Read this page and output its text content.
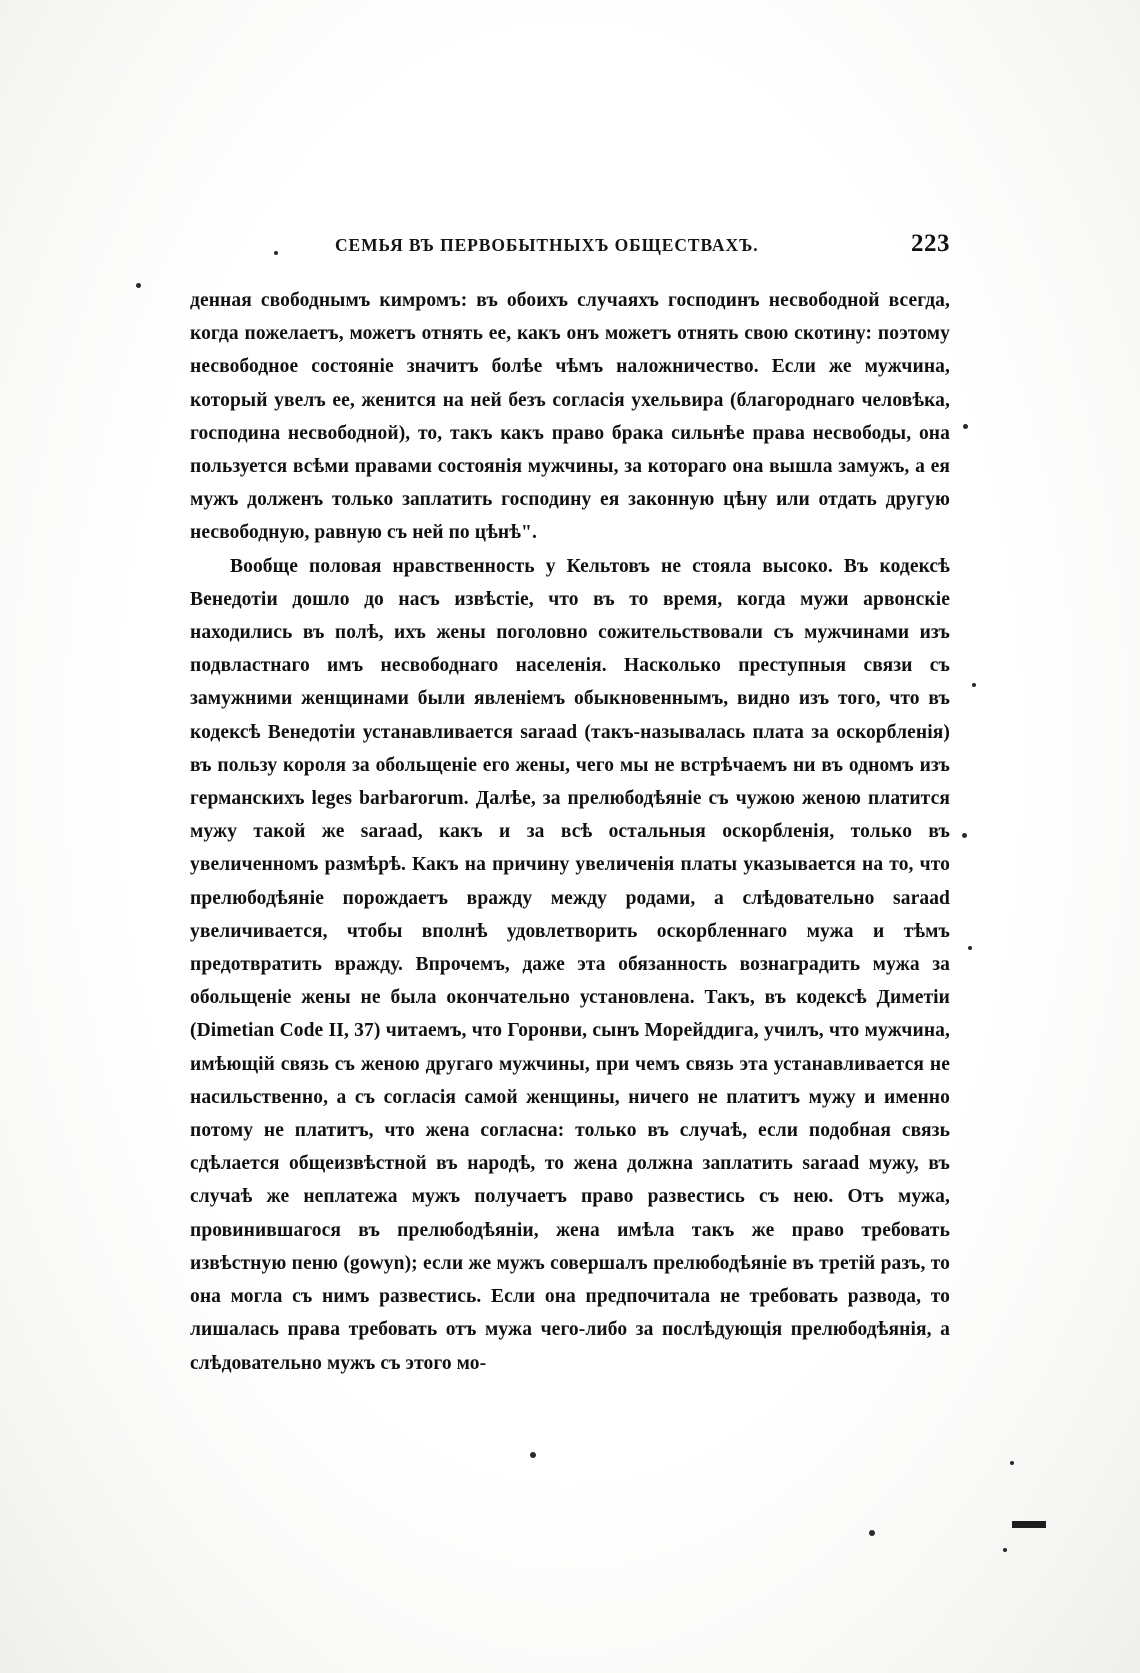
СЕМЬЯ ВЪ ПЕРВОБЫТНЫХЪ ОБЩЕСТВАХЪ.	223

денная свободнымъ кимромъ: въ обоихъ случаяхъ господинъ несвободной всегда, когда пожелаетъ, можетъ отнять ее, какъ онъ можетъ отнять свою скотину: поэтому несвободное состояніе значитъ болѣе чѣмъ наложничество. Если же мужчина, который увелъ ее, женится на ней безъ согласія ухельвира (благороднаго человѣка, господина несвободной), то, такъ какъ право брака сильнѣе права несвободы, она пользуется всѣми правами состоянія мужчины, за котораго она вышла замужъ, а ея мужъ долженъ только заплатить господину ея законную цѣну или отдать другую несвободную, равную съ ней по цѣнѣ".

Вообще половая нравственность у Кельтовъ не стояла высоко. Въ кодексѣ Венедотіи дошло до насъ извѣстіе, что въ то время, когда мужи арвонскіе находились въ полѣ, ихъ жены поголовно сожительствовали съ мужчинами изъ подвластнаго имъ несвободнаго населенія. Насколько преступныя связи съ замужними женщинами были явленіемъ обыкновеннымъ, видно изъ того, что въ кодексѣ Венедотіи устанавливается saraad (такъ-называлась плата за оскорбленія) въ пользу короля за обольщеніе его жены, чего мы не встрѣчаемъ ни въ одномъ изъ германскихъ leges barbarorum. Далѣе, за прелюбодѣяніе съ чужою женою платится мужу такой же saraad, какъ и за всѣ остальныя оскорбленія, только въ увеличенномъ размѣрѣ. Какъ на причину увеличенія платы указывается на то, что прелюбодѣяніе порождаетъ вражду между родами, а слѣдовательно saraad увеличивается, чтобы вполнѣ удовлетворить оскорбленнаго мужа и тѣмъ предотвратить вражду. Впрочемъ, даже эта обязанность вознаградить мужа за обольщеніе жены не была окончательно установлена. Такъ, въ кодексѣ Диметіи (Dimetian Code II, 37) читаемъ, что Горонви, сынъ Морейддига, училъ, что мужчина, имѣющій связь съ женою другаго мужчины, при чемъ связь эта устанавливается не насильственно, а съ согласія самой женщины, ничего не платитъ мужу и именно потому не платитъ, что жена согласна: только въ случаѣ, если подобная связь сдѣлается общеизвѣстной въ народѣ, то жена должна заплатить saraad мужу, въ случаѣ же неплатежа мужъ получаетъ право развестись съ нею. Отъ мужа, провинившагося въ прелюбодѣяніи, жена имѣла такъ же право требовать извѣстную пеню (gowyn); если же мужъ совершалъ прелюбодѣяніе въ третій разъ, то она могла съ нимъ развестись. Если она предпочитала не требовать развода, то лишалась права требовать отъ мужа чего-либо за послѣдующія прелюбодѣянія, а слѣдовательно мужъ съ этого мо-
